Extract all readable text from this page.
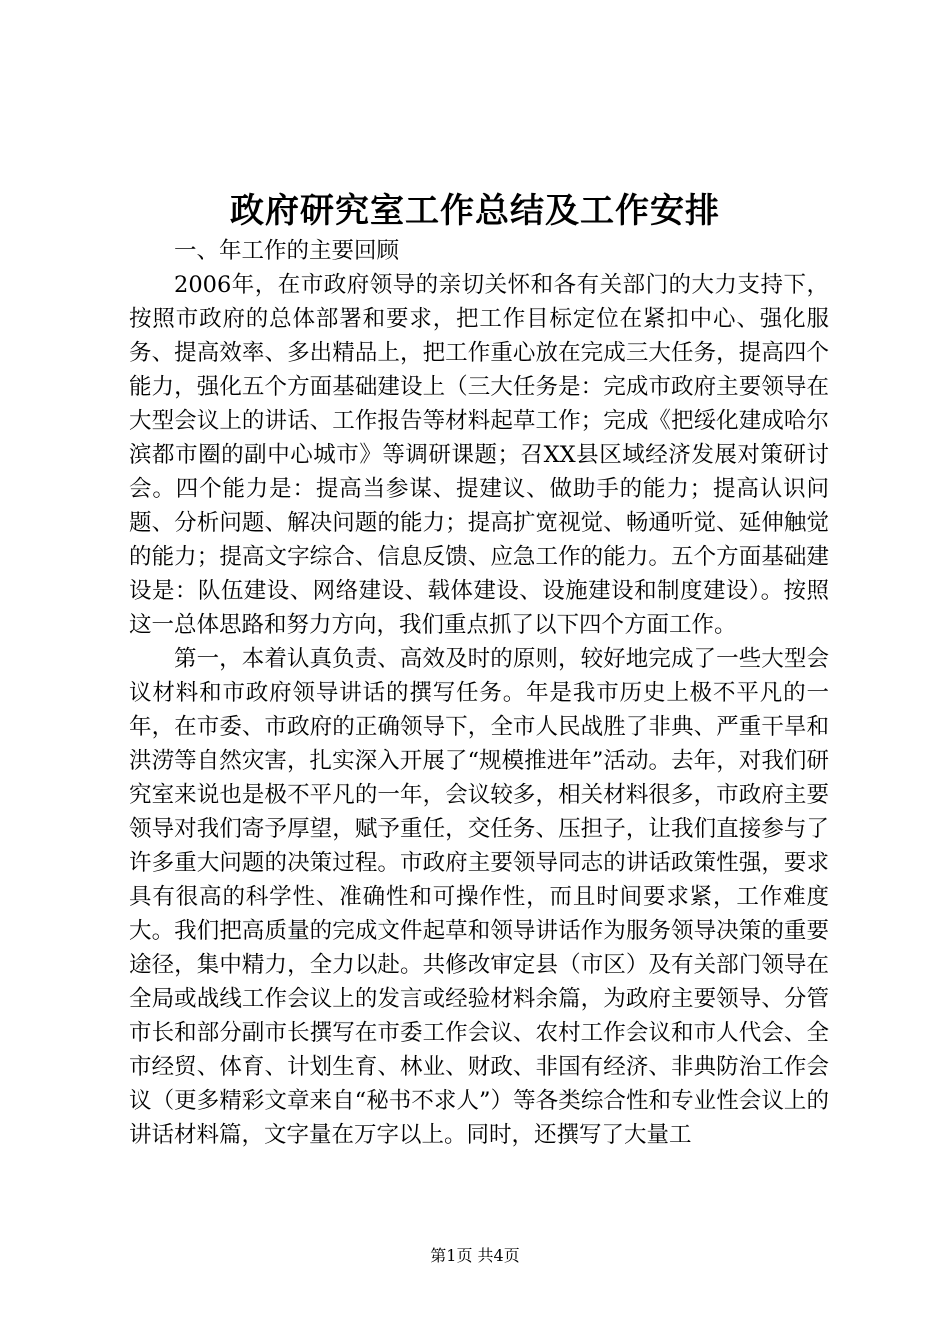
政府研究室工作总结及工作安排

一、年工作的主要回顾

2006年，在市政府领导的亲切关怀和各有关部门的大力支持下，按照市政府的总体部署和要求，把工作目标定位在紧扣中心、强化服务、提高效率、多出精品上，把工作重心放在完成三大任务，提高四个能力，强化五个方面基础建设上（三大任务是：完成市政府主要领导在大型会议上的讲话、工作报告等材料起草工作；完成《把绥化建成哈尔滨都市圈的副中心城市》等调研课题；召XX县区域经济发展对策研讨会。四个能力是：提高当参谋、提建议、做助手的能力；提高认识问题、分析问题、解决问题的能力；提高扩宽视觉、畅通听觉、延伸触觉的能力；提高文字综合、信息反馈、应急工作的能力。五个方面基础建设是：队伍建设、网络建设、载体建设、设施建设和制度建设）。按照这一总体思路和努力方向，我们重点抓了以下四个方面工作。

第一，本着认真负责、高效及时的原则，较好地完成了一些大型会议材料和市政府领导讲话的撰写任务。年是我市历史上极不平凡的一年，在市委、市政府的正确领导下，全市人民战胜了非典、严重干旱和洪涝等自然灾害，扎实深入开展了“规模推进年”活动。去年，对我们研究室来说也是极不平凡的一年，会议较多，相关材料很多，市政府主要领导对我们寄予厚望，赋予重任，交任务、压担子，让我们直接参与了许多重大问题的决策过程。市政府主要领导同志的讲话政策性强，要求具有很高的科学性、准确性和可操作性，而且时间要求紧，工作难度大。我们把高质量的完成文件起草和领导讲话作为服务领导决策的重要途径，集中精力，全力以赴。共修改审定县（市区）及有关部门领导在全局或战线工作会议上的发言或经验材料余篇，为政府主要领导、分管市长和部分副市长撰写在市委工作会议、农村工作会议和市人代会、全市经贸、体育、计划生育、林业、财政、非国有经济、非典防治工作会议（更多精彩文章来自“秘书不求人”）等各类综合性和专业性会议上的讲话材料篇，文字量在万字以上。同时，还撰写了大量工

第1页 共4页
